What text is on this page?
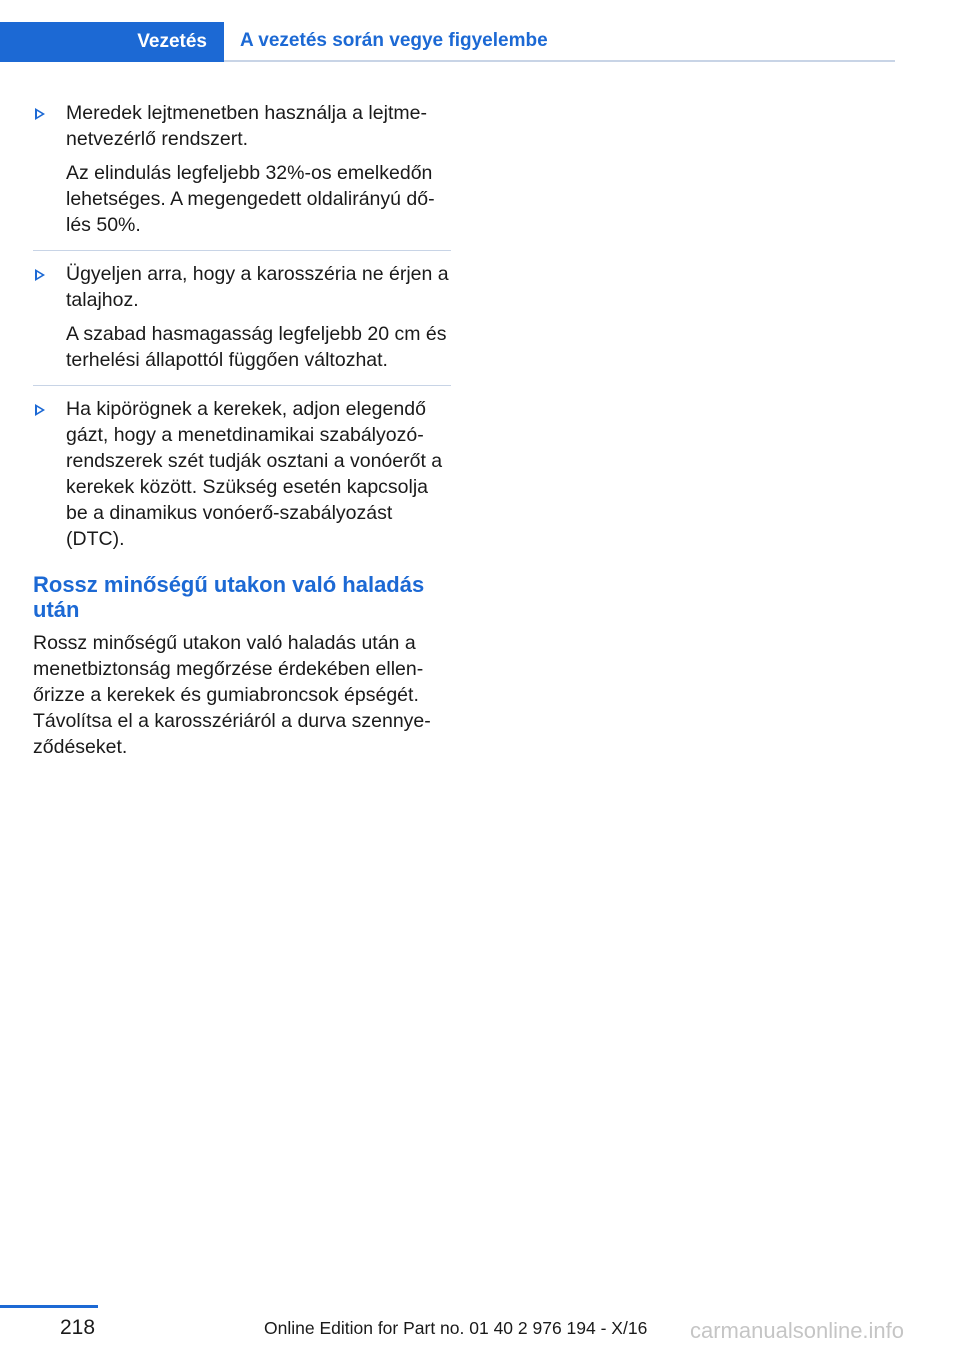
Vezetés A vezetés során vegye figyelembe

Meredek lejtmenetben használja a lejtme-netvezérlő rendszert.

Az elindulás legfeljebb 32%-os emelkedőn lehetséges. A megengedett oldalirányú dő-lés 50%.

Ügyeljen arra, hogy a karosszéria ne érjen a talajhoz.

A szabad hasmagasság legfeljebb 20 cm és terhelési állapottól függően változhat.

Ha kipörögnek a kerekek, adjon elegendő gázt, hogy a menetdinamikai szabályozó-rendszerek szét tudják osztani a vonóerőt a kerekek között. Szükség esetén kapcsolja be a dinamikus vonóerő-szabályozást (DTC).

Rossz minőségű utakon való haladás után

Rossz minőségű utakon való haladás után a menetbiztonság megőrzése érdekében ellen-őrizze a kerekek és gumiabroncsok épségét. Távolítsa el a karosszériáról a durva szennye-ződéseket.

218	Online Edition for Part no. 01 40 2 976 194 - X/16 carmanualsonline.info
